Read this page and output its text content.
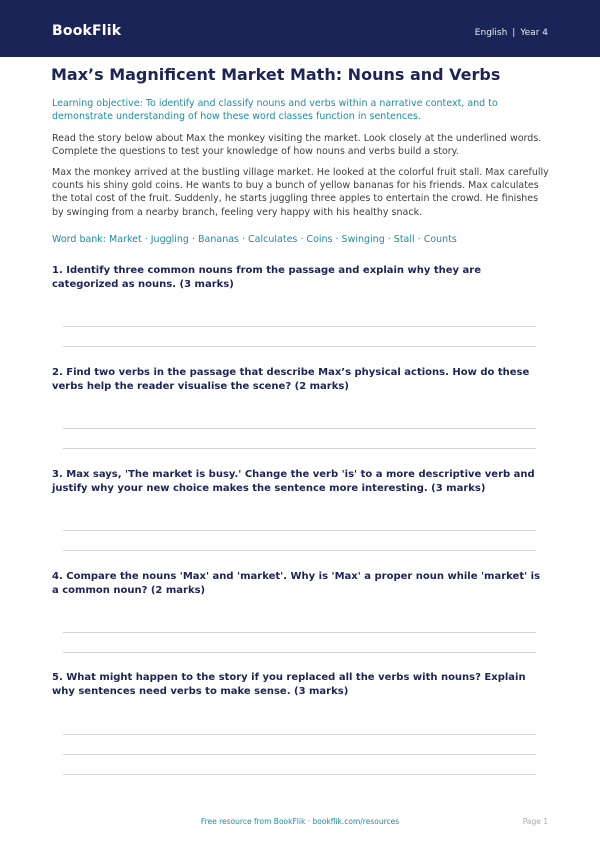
BookFlik	English | Year 4
Max’s Magnificent Market Math: Nouns and Verbs
Learning objective: To identify and classify nouns and verbs within a narrative context, and to demonstrate understanding of how these word classes function in sentences.
Read the story below about Max the monkey visiting the market. Look closely at the underlined words. Complete the questions to test your knowledge of how nouns and verbs build a story.
Max the monkey arrived at the bustling village market. He looked at the colorful fruit stall. Max carefully counts his shiny gold coins. He wants to buy a bunch of yellow bananas for his friends. Max calculates the total cost of the fruit. Suddenly, he starts juggling three apples to entertain the crowd. He finishes by swinging from a nearby branch, feeling very happy with his healthy snack.
Word bank: Market · Juggling · Bananas · Calculates · Coins · Swinging · Stall · Counts
1. Identify three common nouns from the passage and explain why they are categorized as nouns. (3 marks)
2. Find two verbs in the passage that describe Max’s physical actions. How do these verbs help the reader visualise the scene? (2 marks)
3. Max says, 'The market is busy.' Change the verb 'is' to a more descriptive verb and justify why your new choice makes the sentence more interesting. (3 marks)
4. Compare the nouns 'Max' and 'market'. Why is 'Max' a proper noun while 'market' is a common noun? (2 marks)
5. What might happen to the story if you replaced all the verbs with nouns? Explain why sentences need verbs to make sense. (3 marks)
Free resource from BookFlik · bookflik.com/resources	Page 1
